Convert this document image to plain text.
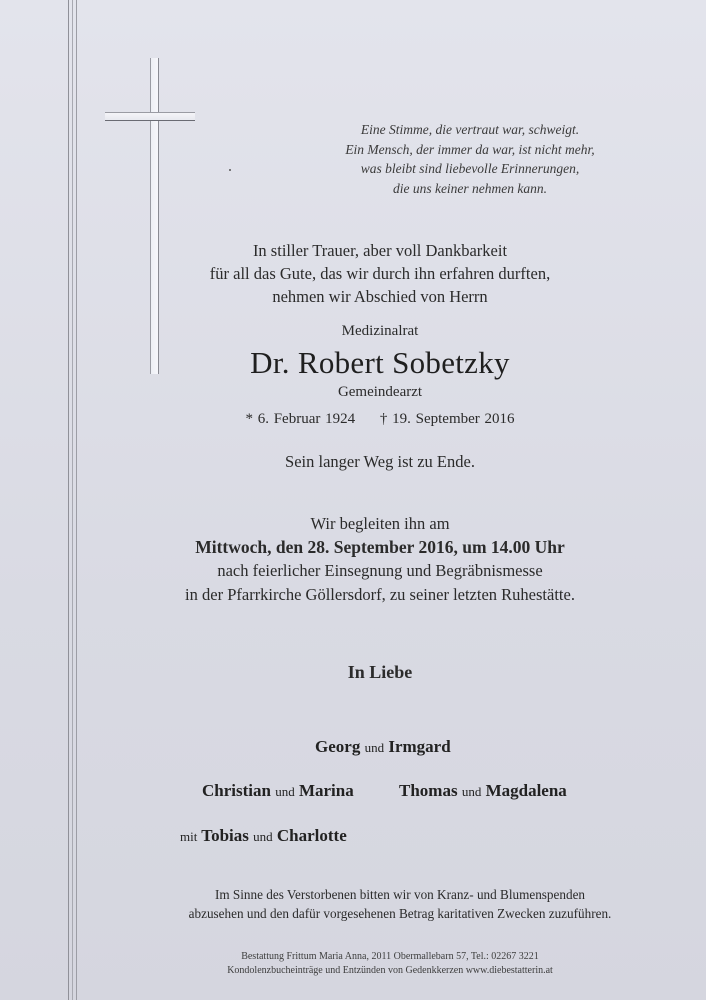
Eine Stimme, die vertraut war, schweigt.
Ein Mensch, der immer da war, ist nicht mehr,
was bleibt sind liebevolle Erinnerungen,
die uns keiner nehmen kann.
In stiller Trauer, aber voll Dankbarkeit
für all das Gute, das wir durch ihn erfahren durften,
nehmen wir Abschied von Herrn
Medizinalrat
Dr. Robert Sobetzky
Gemeindearzt
* 6. Februar 1924 † 19. September 2016
Sein langer Weg ist zu Ende.
Wir begleiten ihn am
Mittwoch, den 28. September 2016, um 14.00 Uhr
nach feierlicher Einsegnung und Begräbnismesse
in der Pfarrkirche Göllersdorf, zu seiner letzten Ruhestätte.
In Liebe
Georg und Irmgard
Christian und Marina	Thomas und Magdalena
mit Tobias und Charlotte
Im Sinne des Verstorbenen bitten wir von Kranz- und Blumenspenden
abzusehen und den dafür vorgesehenen Betrag karitativen Zwecken zuzuführen.
Bestattung Frittum Maria Anna, 2011 Obermallebarn 57, Tel.: 02267 3221
Kondolenzbucheinträge und Entzünden von Gedenkkerzen www.diebestatterin.at
